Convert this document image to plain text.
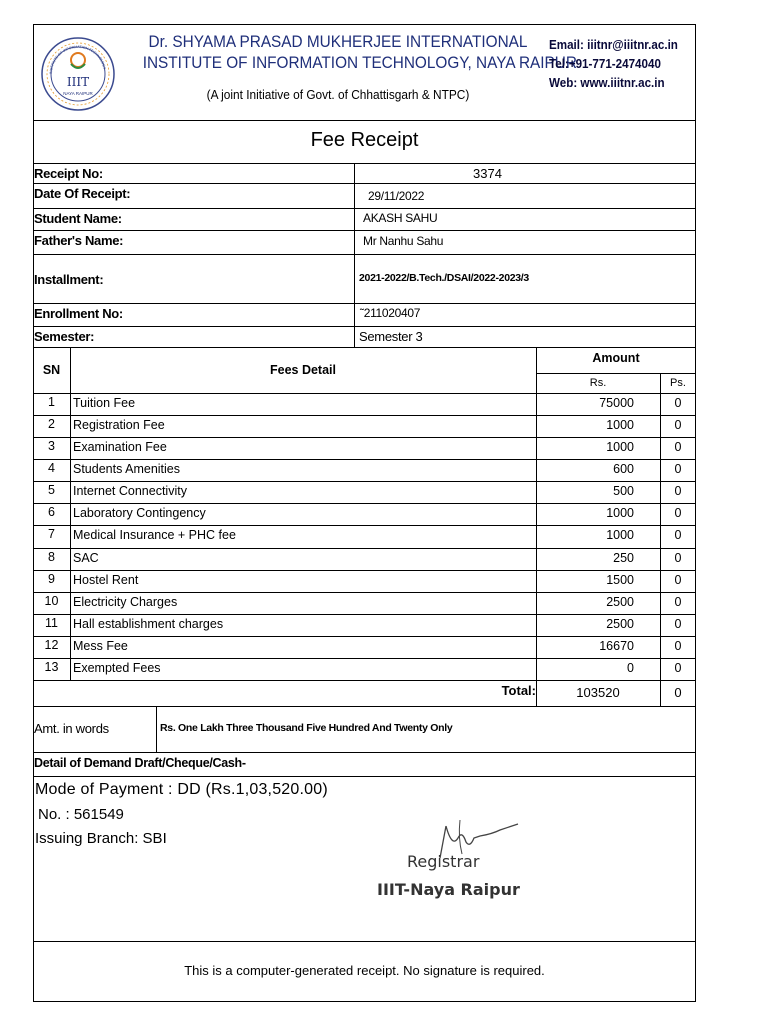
IIIT
NAYA RAIPUR
INSTITUTE OF INFORMATION TECHNOLOGY
Dr. SHYAMA PRASAD MUKHERJEE INTERNATIONAL
INSTITUTE OF INFORMATION TECHNOLOGY, NAYA RAIPUR
(A joint Initiative of Govt. of Chhattisgarh & NTPC)
Email: iiitnr@iiitnr.ac.in
Tel:+91-771-2474040
Web: www.iiitnr.ac.in
Fee Receipt
Receipt No:	3374
Date Of Receipt:	29/11/2022
Student Name:	AKASH SAHU
Father's Name:	Mr Nanhu Sahu
Installment:	2021-2022/B.Tech./DSAI/2022-2023/3
Enrollment No:	˜211020407
Semester:	Semester 3
SN	Fees Detail
Amount
Rs.	Ps.
1	Tuition Fee	75000	0
2	Registration Fee	1000	0
3	Examination Fee	1000	0
4	Students Amenities	600	0
5	Internet Connectivity	500	0
6	Laboratory Contingency	1000	0
7	Medical Insurance + PHC fee	1000	0
8	SAC	250	0
9	Hostel Rent	1500	0
10	Electricity Charges	2500	0
11	Hall establishment charges	2500	0
12	Mess Fee	16670	0
13	Exempted Fees	0	0
Total:	103520	0
Amt. in words	Rs. One Lakh Three Thousand Five Hundred And Twenty Only
Detail of Demand Draft/Cheque/Cash-
Mode of Payment : DD (Rs.1,03,520.00)
No. : 561549
Issuing Branch: SBI
Registrar
IIIT-Naya Raipur
This is a computer-generated receipt. No signature is required.
